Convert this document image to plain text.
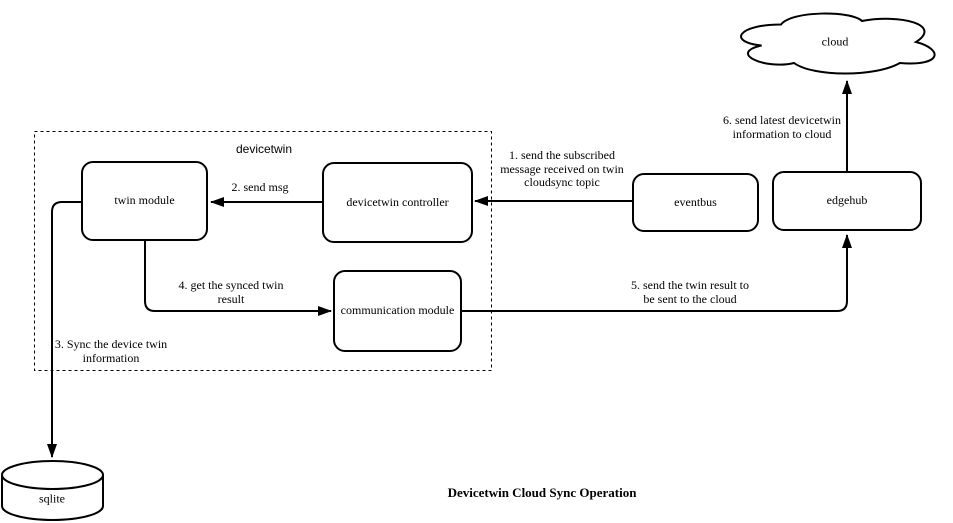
devicetwin
twin module	devicetwin controller
communication module
eventbus	edgehub
cloud
sqlite
1. send the subscribed
message received on twin
cloudsync topic
2. send msg
3. Sync the device twin
information
4. get the synced twin
result
5. send the twin result to
be sent to the cloud
6. send latest devicetwin
information to cloud
Devicetwin Cloud Sync Operation
